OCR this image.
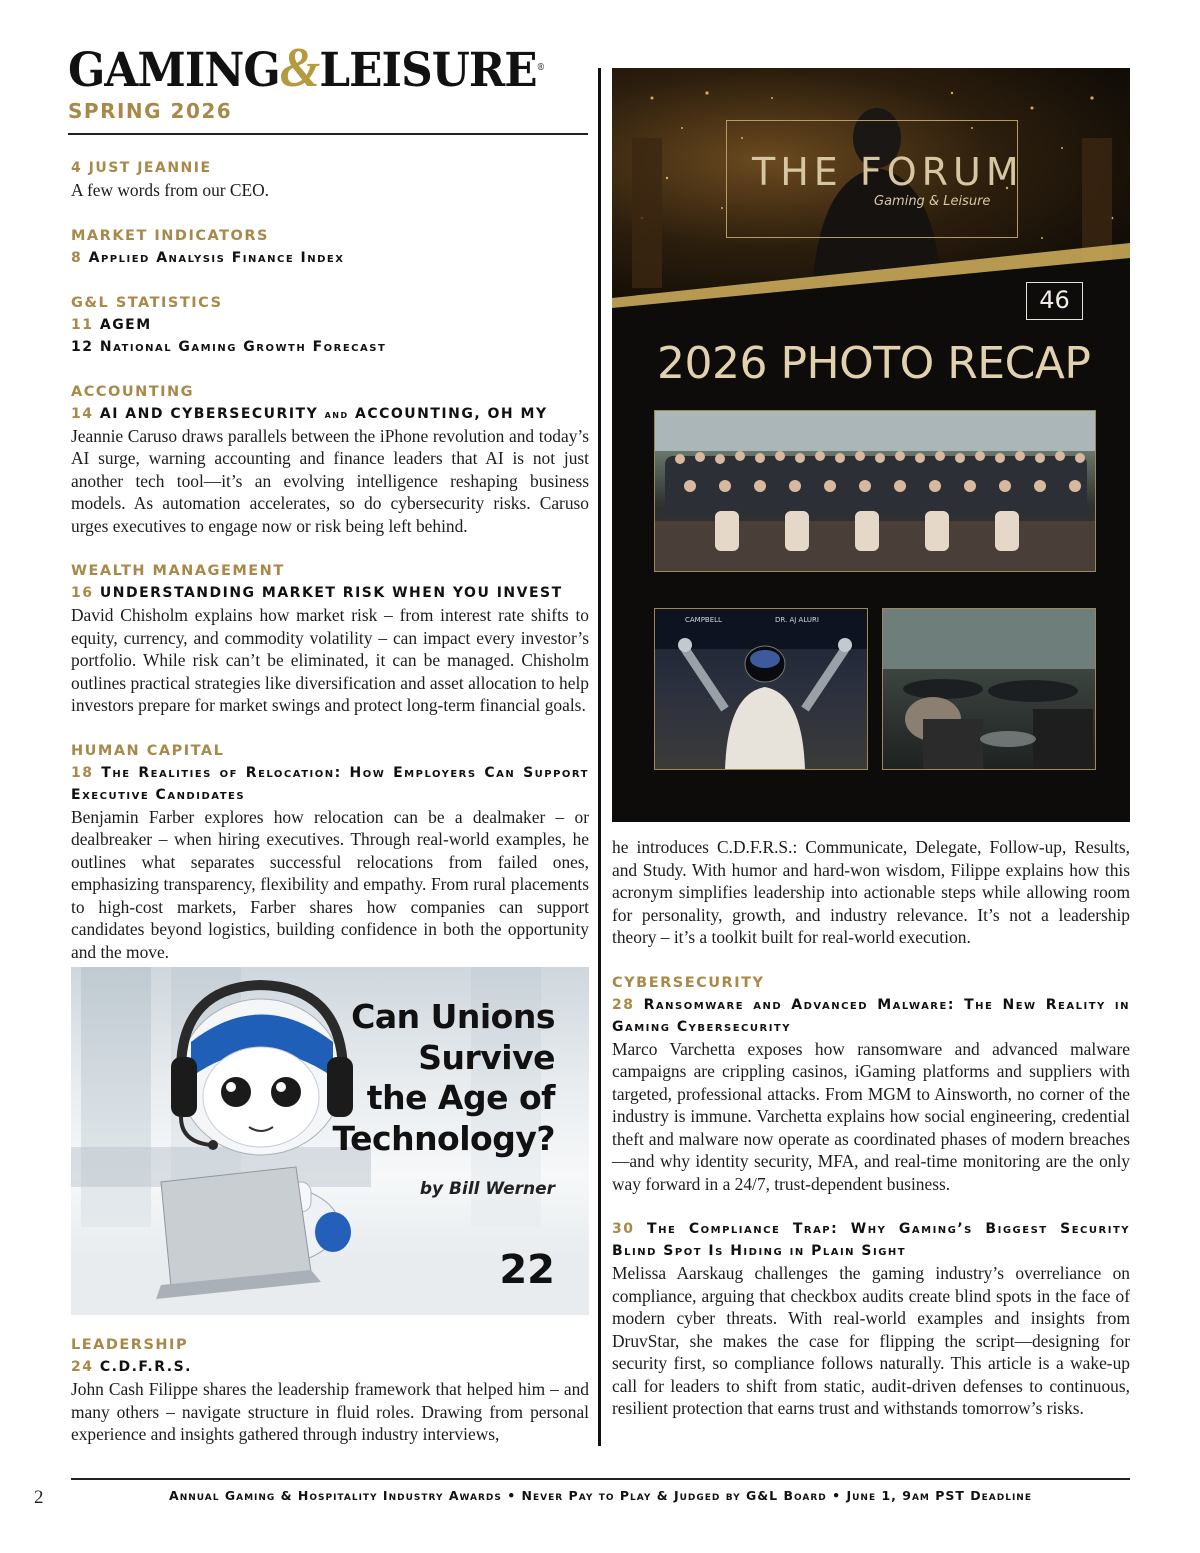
GAMING&LEISURE®
SPRING 2026
4 JUST JEANNIE
A few words from our CEO.
MARKET INDICATORS
8 Applied Analysis Finance Index
G&L STATISTICS
11 AGEM
12 National Gaming Growth Forecast
ACCOUNTING
14 AI AND CYBERSECURITY and ACCOUNTING, OH MY
Jeannie Caruso draws parallels between the iPhone revolution and today’s AI surge, warning accounting and finance leaders that AI is not just another tech tool—it’s an evolving intelligence reshaping business models. As automation accelerates, so do cybersecurity risks. Caruso urges executives to engage now or risk being left behind.
WEALTH MANAGEMENT
16 UNDERSTANDING MARKET RISK WHEN YOU INVEST
David Chisholm explains how market risk – from interest rate shifts to equity, currency, and commodity volatility – can impact every investor’s portfolio. While risk can’t be eliminated, it can be managed. Chisholm outlines practical strategies like diversification and asset allocation to help investors prepare for market swings and protect long-term financial goals.
HUMAN CAPITAL
18 The Realities of Relocation: How Employers Can Support Executive Candidates
Benjamin Farber explores how relocation can be a dealmaker – or dealbreaker – when hiring executives. Through real-world examples, he outlines what separates successful relocations from failed ones, emphasizing transparency, flexibility and empathy. From rural placements to high-cost markets, Farber shares how companies can support candidates beyond logistics, building confidence in both the opportunity and the move.
Can Unions
Survive
the Age of
Technology?
by Bill Werner
22
LEADERSHIP
24 C.D.F.R.S.
John Cash Filippe shares the leadership framework that helped him – and many others – navigate structure in fluid roles. Drawing from personal experience and insights gathered through industry interviews,
THE FORUM
Gaming & Leisure
46
2026 PHOTO RECAP
CAMPBELL	DR. AJ ALURI
he introduces C.D.F.R.S.: Communicate, Delegate, Follow-up, Results, and Study. With humor and hard-won wisdom, Filippe explains how this acronym simplifies leadership into actionable steps while allowing room for personality, growth, and industry relevance. It’s not a leadership theory – it’s a toolkit built for real-world execution.
CYBERSECURITY
28 Ransomware and Advanced Malware: The New Reality in Gaming Cybersecurity
Marco Varchetta exposes how ransomware and advanced malware campaigns are crippling casinos, iGaming platforms and suppliers with targeted, professional attacks. From MGM to Ainsworth, no corner of the industry is immune. Varchetta explains how social engineering, credential theft and malware now operate as coordinated phases of modern breaches—and why identity security, MFA, and real-time monitoring are the only way forward in a 24/7, trust-dependent business.
30 The Compliance Trap: Why Gaming’s Biggest Security Blind Spot Is Hiding in Plain Sight
Melissa Aarskaug challenges the gaming industry’s overreliance on compliance, arguing that checkbox audits create blind spots in the face of modern cyber threats. With real-world examples and insights from DruvStar, she makes the case for flipping the script—designing for security first, so compliance follows naturally. This article is a wake-up call for leaders to shift from static, audit-driven defenses to continuous, resilient protection that earns trust and withstands tomorrow’s risks.
2	Annual Gaming & Hospitality Industry Awards • Never Pay to Play & Judged by G&L Board • June 1, 9am PST Deadline
